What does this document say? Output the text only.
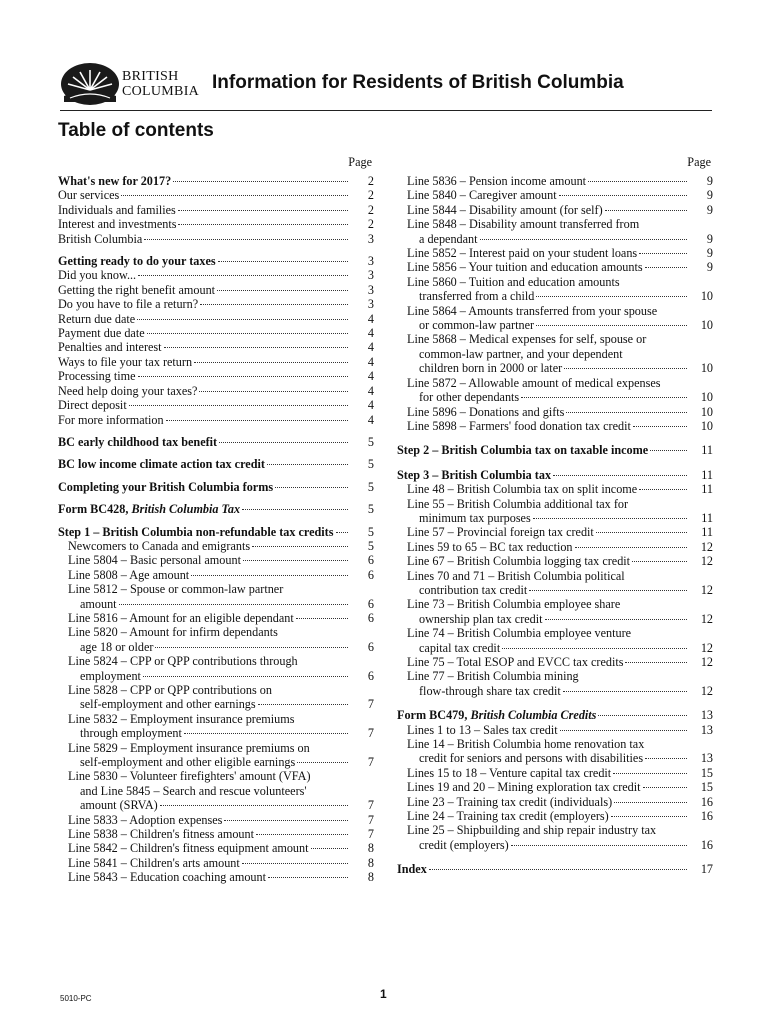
BRITISH
COLUMBIA Information for Residents of British Columbia
Table of contents
Page
What's new for 2017?	2
Our services	2
Individuals and families	2
Interest and investments	2
British Columbia	3
Getting ready to do your taxes	3
Did you know...	3
Getting the right benefit amount	3
Do you have to file a return?	3
Return due date	4
Payment due date	4
Penalties and interest	4
Ways to file your tax return	4
Processing time	4
Need help doing your taxes?	4
Direct deposit	4
For more information	4
BC early childhood tax benefit	5
BC low income climate action tax credit	5
Completing your British Columbia forms	5
Form BC428, British Columbia Tax	5
Step 1 – British Columbia non-refundable tax credits	5
Newcomers to Canada and emigrants	5
Line 5804 – Basic personal amount	6
Line 5808 – Age amount	6
Line 5812 – Spouse or common-law partner
amount	6
Line 5816 – Amount for an eligible dependant	6
Line 5820 – Amount for infirm dependants
age 18 or older	6
Line 5824 – CPP or QPP contributions through
employment	6
Line 5828 – CPP or QPP contributions on
self-employment and other earnings	7
Line 5832 – Employment insurance premiums
through employment	7
Line 5829 – Employment insurance premiums on
self-employment and other eligible earnings	7
Line 5830 – Volunteer firefighters' amount (VFA)
and Line 5845 – Search and rescue volunteers'
amount (SRVA)	7
Line 5833 – Adoption expenses	7
Line 5838 – Children's fitness amount	7
Line 5842 – Children's fitness equipment amount	8
Line 5841 – Children's arts amount	8
Line 5843 – Education coaching amount	8
Page
Line 5836 – Pension income amount	9
Line 5840 – Caregiver amount	9
Line 5844 – Disability amount (for self)	9
Line 5848 – Disability amount transferred from
a dependant	9
Line 5852 – Interest paid on your student loans	9
Line 5856 – Your tuition and education amounts	9
Line 5860 – Tuition and education amounts
transferred from a child	10
Line 5864 – Amounts transferred from your spouse
or common-law partner	10
Line 5868 – Medical expenses for self, spouse or
common-law partner, and your dependent
children born in 2000 or later	10
Line 5872 – Allowable amount of medical expenses
for other dependants	10
Line 5896 – Donations and gifts	10
Line 5898 – Farmers' food donation tax credit	10
Step 2 – British Columbia tax on taxable income	11
Step 3 – British Columbia tax	11
Line 48 – British Columbia tax on split income	11
Line 55 – British Columbia additional tax for
minimum tax purposes	11
Line 57 – Provincial foreign tax credit	11
Lines 59 to 65 – BC tax reduction	12
Line 67 – British Columbia logging tax credit	12
Lines 70 and 71 – British Columbia political
contribution tax credit	12
Line 73 – British Columbia employee share
ownership plan tax credit	12
Line 74 – British Columbia employee venture
capital tax credit	12
Line 75 – Total ESOP and EVCC tax credits	12
Line 77 – British Columbia mining
flow-through share tax credit	12
Form BC479, British Columbia Credits	13
Lines 1 to 13 – Sales tax credit	13
Line 14 – British Columbia home renovation tax
credit for seniors and persons with disabilities	13
Lines 15 to 18 – Venture capital tax credit	15
Lines 19 and 20 – Mining exploration tax credit	15
Line 23 – Training tax credit (individuals)	16
Line 24 – Training tax credit (employers)	16
Line 25 – Shipbuilding and ship repair industry tax
credit (employers)	16
Index	17
5010-PC	1
